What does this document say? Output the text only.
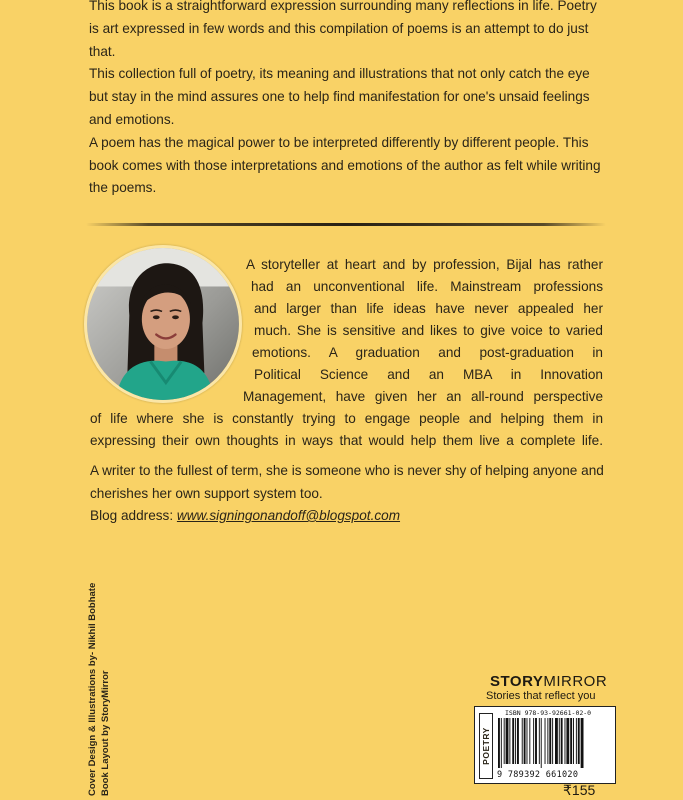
This book is a straightforward expression surrounding many reflections in life. Poetry is art expressed in few words and this compilation of poems is an attempt to do just that.

This collection full of poetry, its meaning and illustrations that not only catch the eye but stay in the mind assures one to help find manifestation for one's unsaid feelings and emotions.

A poem has the magical power to be interpreted differently by different people. This book comes with those interpretations and emotions of the author as felt while writing the poems.

A storyteller at heart and by profession, Bijal has rather
had an unconventional life. Mainstream professions
and larger than life ideas have never appealed her
much. She is sensitive and likes to give voice to varied
emotions. A graduation and post-graduation in
Political Science and an MBA in Innovation
Management, have given her an all-round perspective
of life where she is constantly trying to engage people and helping them in
expressing their own thoughts in ways that would help them live a complete life.

A writer to the fullest of term, she is someone who is never shy of helping anyone and cherishes her own support system too.

Blog address: www.signingonandoff@blogspot.com

Cover Design & Illustrations by- Nikhil Bobhate Book Layout by StoryMirror	STORYMIRROR
Stories that reflect you
POETRY
ISBN 978-93-92661-02-0
9 789392 661020
₹155
